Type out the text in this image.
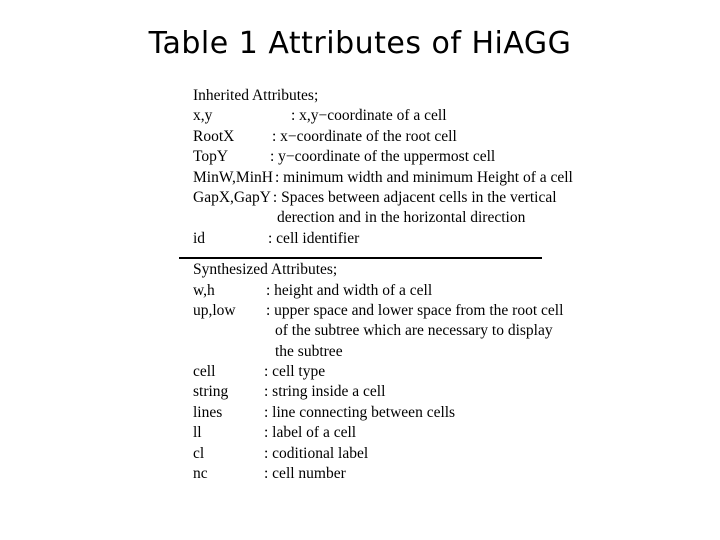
Table 1 Attributes of HiAGG
Inherited Attributes;
x,y	: x,y−coordinate of a cell
RootX : x−coordinate of the root cell
TopY	: y−coordinate of the uppermost cell
MinW,MinH : minimum width and minimum Height of a cell
GapX,GapY : Spaces between adjacent cells in the vertical
derection and in the horizontal direction
id	: cell identifier
Synthesized Attributes;
w,h	: height and width of a cell
up,low : upper space and lower space from the root cell
of the subtree which are necessary to display
the subtree
cell	: cell type
string : string inside a cell
lines	: line connecting between cells
ll	: label of a cell
cl	: coditional label
nc	: cell number
